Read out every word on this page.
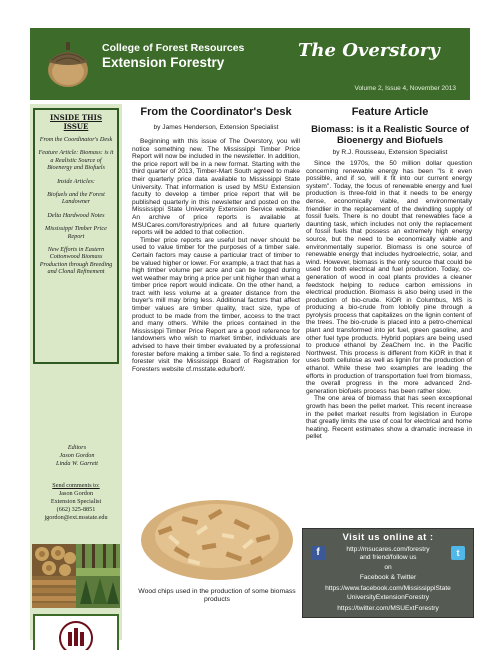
College of Forest Resources
Extension Forestry
The Overstory
Volume 2, Issue 4, November 2013
INSIDE THIS ISSUE
From the Coordinator's Desk
Feature Article: Biomass: is it a Realistic Source of Bioenergy and Biofuels
Inside Articles:
Biofuels and the Forest Landowner
Delta Hardwood Notes
Mississippi Timber Price Report
New Efforts in Eastern Cottonwood Biomass Production through Breeding and Clonal Refinement
Editors
Jason Gordon
Linda W. Garrett
Send comments to:
Jason Gordon
Extension Specialist
(662) 325-8851
jgordon@ext.msstate.edu
From the Coordinator's Desk
by James Henderson, Extension Specialist

Beginning with this issue of The Overstory, you will notice something new. The Mississippi Timber Price Report will now be included in the newsletter. In addition, the price report will be in a new format. Starting with the third quarter of 2013, Timber-Mart South agreed to make their quarterly price data available to Mississippi State University. That information is used by MSU Extension faculty to develop a timber price report that will be published quarterly in this newsletter and posted on the Mississippi State University Extension Service website. An archive of price reports is available at MSUCares.com/forestry/prices and all future quarterly reports will be added to that collection.

Timber price reports are useful but never should be used to value timber for the purposes of a timber sale. Certain factors may cause a particular tract of timber to be valued higher or lower. For example, a tract that has a high timber volume per acre and can be logged during wet weather may bring a price per unit higher than what a timber price report would indicate. On the other hand, a tract with less volume at a greater distance from the buyer's mill may bring less. Additional factors that affect timber values are timber quality, tract size, type of product to be made from the timber, access to the tract and many others. While the prices contained in the Mississippi Timber Price Report are a good reference for landowners who wish to market timber, individuals are advised to have their timber evaluated by a professional forester before making a timber sale. To find a registered forester visit the Mississippi Board of Registration for Foresters website cf.msstate.edu/borf/.

Wood chips used in the production of some biomass products
Feature Article
Biomass: is it a Realistic Source of Bioenergy and Biofuels
by R.J. Rousseau, Extension Specialist

Since the 1970s, the 50 million dollar question concerning renewable energy has been "Is it even possible, and if so, will it fit into our current energy system". Today, the focus of renewable energy and fuel production is three-fold in that it needs to be energy dense, economically viable, and environmentally friendlier in the replacement of the dwindling supply of fossil fuels. There is no doubt that renewables face a daunting task, which includes not only the replacement of fossil fuels that possess an extremely high energy source, but the need to be economically viable and environmentally superior. Biomass is one source of renewable energy that includes hydroelectric, solar, and wind. However, biomass is the only source that could be used for both electrical and fuel production. Today, co-generation of wood in coal plants provides a cleaner feedstock helping to reduce carbon emissions in electrical production. Biomass is also being used in the production of bio-crude. KiOR in Columbus, MS is producing a bio-crude from loblolly pine through a pyrolysis process that capitalizes on the lignin content of the trees. The bio-crude is placed into a petro-chemical plant and transformed into jet fuel, green gasoline, and other fuel type products. Hybrid poplars are being used to produce ethanol by ZeaChem Inc. in the Pacific Northwest. This process is different from KiOR in that it uses both cellulose as well as lignin for the production of ethanol. While these two examples are leading the efforts in production of transportation fuel from biomass, the overall progress in the more advanced 2nd-generation biofuels process has been rather slow.

The one area of biomass that has seen exceptional growth has been the pellet market. This recent increase in the pellet market results from legislation in Europe that greatly limits the use of coal for electrical and home heating. Recent estimates show a dramatic increase in pellet

Visit us online at :
f	t
http://msucares.com/forestry
and friend/follow us
on
Facebook & Twitter
https://www.facebook.com/MississippiState
UniversityExtensionForestry
https://twitter.com/MSUExtForestry
